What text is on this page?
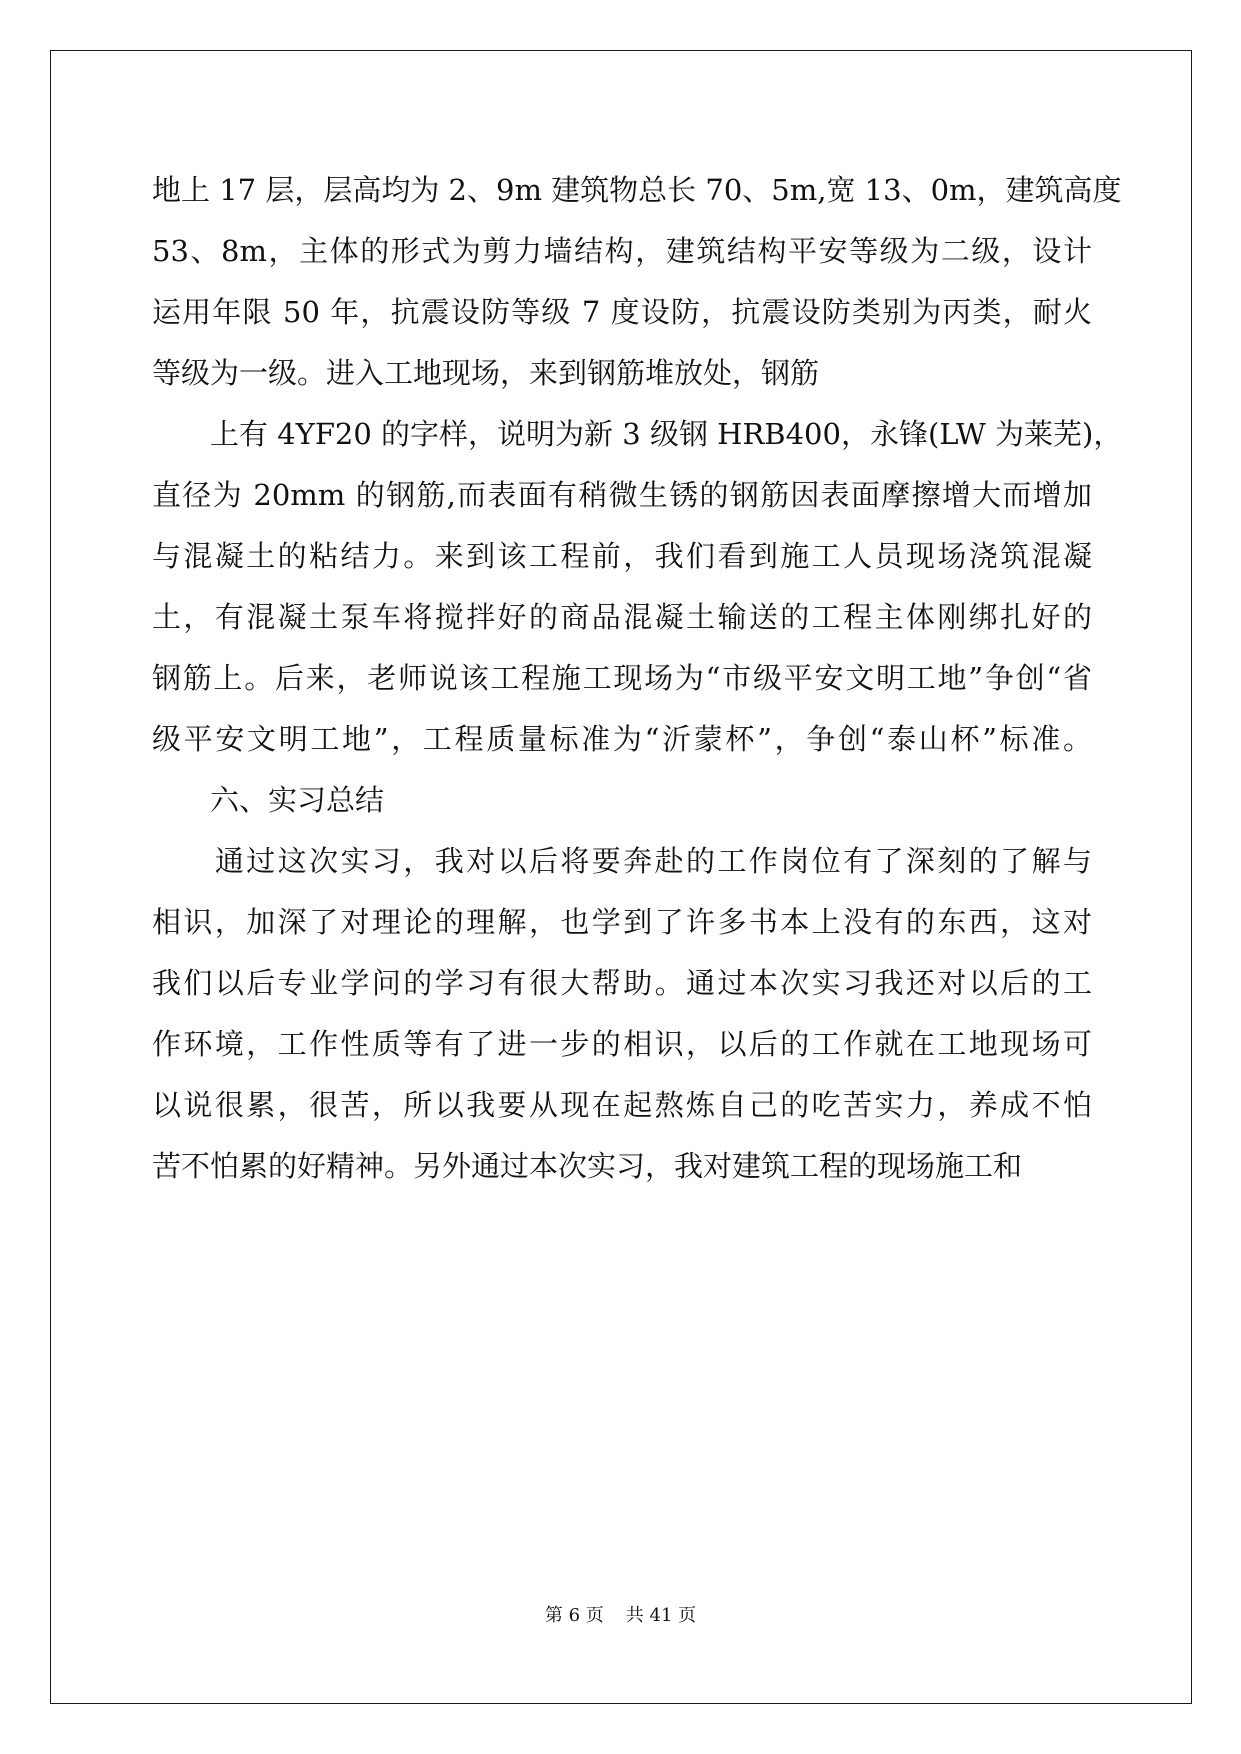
地上 17 层，层高均为 2、9m 建筑物总长 70、5m,宽 13、0m，建筑高度
53、8m，主体的形式为剪力墙结构，建筑结构平安等级为二级，设计
运用年限 50 年，抗震设防等级 7 度设防，抗震设防类别为丙类，耐火
等级为一级。进入工地现场，来到钢筋堆放处，钢筋
　　上有 4YF20 的字样，说明为新 3 级钢 HRB400，永锋(LW 为莱芜)，
直径为 20mm 的钢筋,而表面有稍微生锈的钢筋因表面摩擦增大而增加
与混凝土的粘结力。来到该工程前，我们看到施工人员现场浇筑混凝
土，有混凝土泵车将搅拌好的商品混凝土输送的工程主体刚绑扎好的
钢筋上。后来，老师说该工程施工现场为“市级平安文明工地”争创“省
级平安文明工地”，工程质量标准为“沂蒙杯”，争创“泰山杯”标准。
　　六、实习总结
　　通过这次实习，我对以后将要奔赴的工作岗位有了深刻的了解与
相识，加深了对理论的理解，也学到了许多书本上没有的东西，这对
我们以后专业学问的学习有很大帮助。通过本次实习我还对以后的工
作环境，工作性质等有了进一步的相识，以后的工作就在工地现场可
以说很累，很苦，所以我要从现在起熬炼自己的吃苦实力，养成不怕
苦不怕累的好精神。另外通过本次实习，我对建筑工程的现场施工和
第 6 页 共 41 页
